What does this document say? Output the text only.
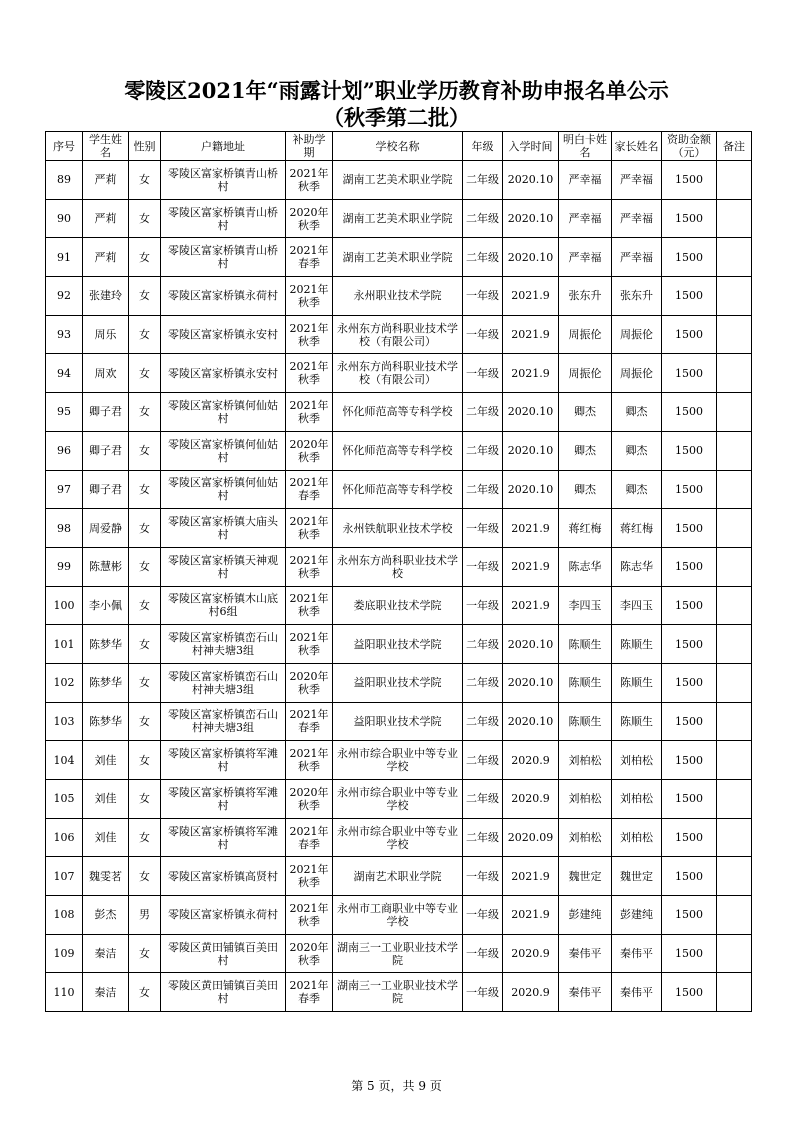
零陵区2021年“雨露计划”职业学历教育补助申报名单公示
（秋季第二批）
序号	学生姓名	性别	户籍地址	补助学期	学校名称	年级	入学时间	明白卡姓名	家长姓名	资助金额（元）	备注
89	严莉	女	零陵区富家桥镇青山桥村	2021年秋季	湖南工艺美术职业学院	二年级	2020.10	严幸福	严幸福	1500	
90	严莉	女	零陵区富家桥镇青山桥村	2020年秋季	湖南工艺美术职业学院	二年级	2020.10	严幸福	严幸福	1500	
91	严莉	女	零陵区富家桥镇青山桥村	2021年春季	湖南工艺美术职业学院	二年级	2020.10	严幸福	严幸福	1500	
92	张建玲	女	零陵区富家桥镇永荷村	2021年秋季	永州职业技术学院	一年级	2021.9	张东升	张东升	1500	
93	周乐	女	零陵区富家桥镇永安村	2021年秋季	永州东方尚科职业技术学校（有限公司）	一年级	2021.9	周振伦	周振伦	1500	
94	周欢	女	零陵区富家桥镇永安村	2021年秋季	永州东方尚科职业技术学校（有限公司）	一年级	2021.9	周振伦	周振伦	1500	
95	卿子君	女	零陵区富家桥镇何仙姑村	2021年秋季	怀化师范高等专科学校	二年级	2020.10	卿杰	卿杰	1500	
96	卿子君	女	零陵区富家桥镇何仙姑村	2020年秋季	怀化师范高等专科学校	二年级	2020.10	卿杰	卿杰	1500	
97	卿子君	女	零陵区富家桥镇何仙姑村	2021年春季	怀化师范高等专科学校	二年级	2020.10	卿杰	卿杰	1500	
98	周爱静	女	零陵区富家桥镇大庙头村	2021年秋季	永州铁航职业技术学校	一年级	2021.9	蒋红梅	蒋红梅	1500	
99	陈慧彬	女	零陵区富家桥镇天神观村	2021年秋季	永州东方尚科职业技术学校	一年级	2021.9	陈志华	陈志华	1500	
100	李小佩	女	零陵区富家桥镇木山底村6组	2021年秋季	娄底职业技术学院	一年级	2021.9	李四玉	李四玉	1500	
101	陈梦华	女	零陵区富家桥镇峦石山村神夫塘3组	2021年秋季	益阳职业技术学院	二年级	2020.10	陈顺生	陈顺生	1500	
102	陈梦华	女	零陵区富家桥镇峦石山村神夫塘3组	2020年秋季	益阳职业技术学院	二年级	2020.10	陈顺生	陈顺生	1500	
103	陈梦华	女	零陵区富家桥镇峦石山村神夫塘3组	2021年春季	益阳职业技术学院	二年级	2020.10	陈顺生	陈顺生	1500	
104	刘佳	女	零陵区富家桥镇将军滩村	2021年秋季	永州市综合职业中等专业学校	二年级	2020.9	刘柏松	刘柏松	1500	
105	刘佳	女	零陵区富家桥镇将军滩村	2020年秋季	永州市综合职业中等专业学校	二年级	2020.9	刘柏松	刘柏松	1500	
106	刘佳	女	零陵区富家桥镇将军滩村	2021年春季	永州市综合职业中等专业学校	二年级	2020.09	刘柏松	刘柏松	1500	
107	魏雯茗	女	零陵区富家桥镇高贤村	2021年秋季	湖南艺术职业学院	一年级	2021.9	魏世定	魏世定	1500	
108	彭杰	男	零陵区富家桥镇永荷村	2021年秋季	永州市工商职业中等专业学校	一年级	2021.9	彭建纯	彭建纯	1500	
109	秦洁	女	零陵区黄田铺镇百美田村	2020年秋季	湖南三一工业职业技术学院	一年级	2020.9	秦伟平	秦伟平	1500	
110	秦洁	女	零陵区黄田铺镇百美田村	2021年春季	湖南三一工业职业技术学院	一年级	2020.9	秦伟平	秦伟平	1500	
第 5 页，共 9 页
